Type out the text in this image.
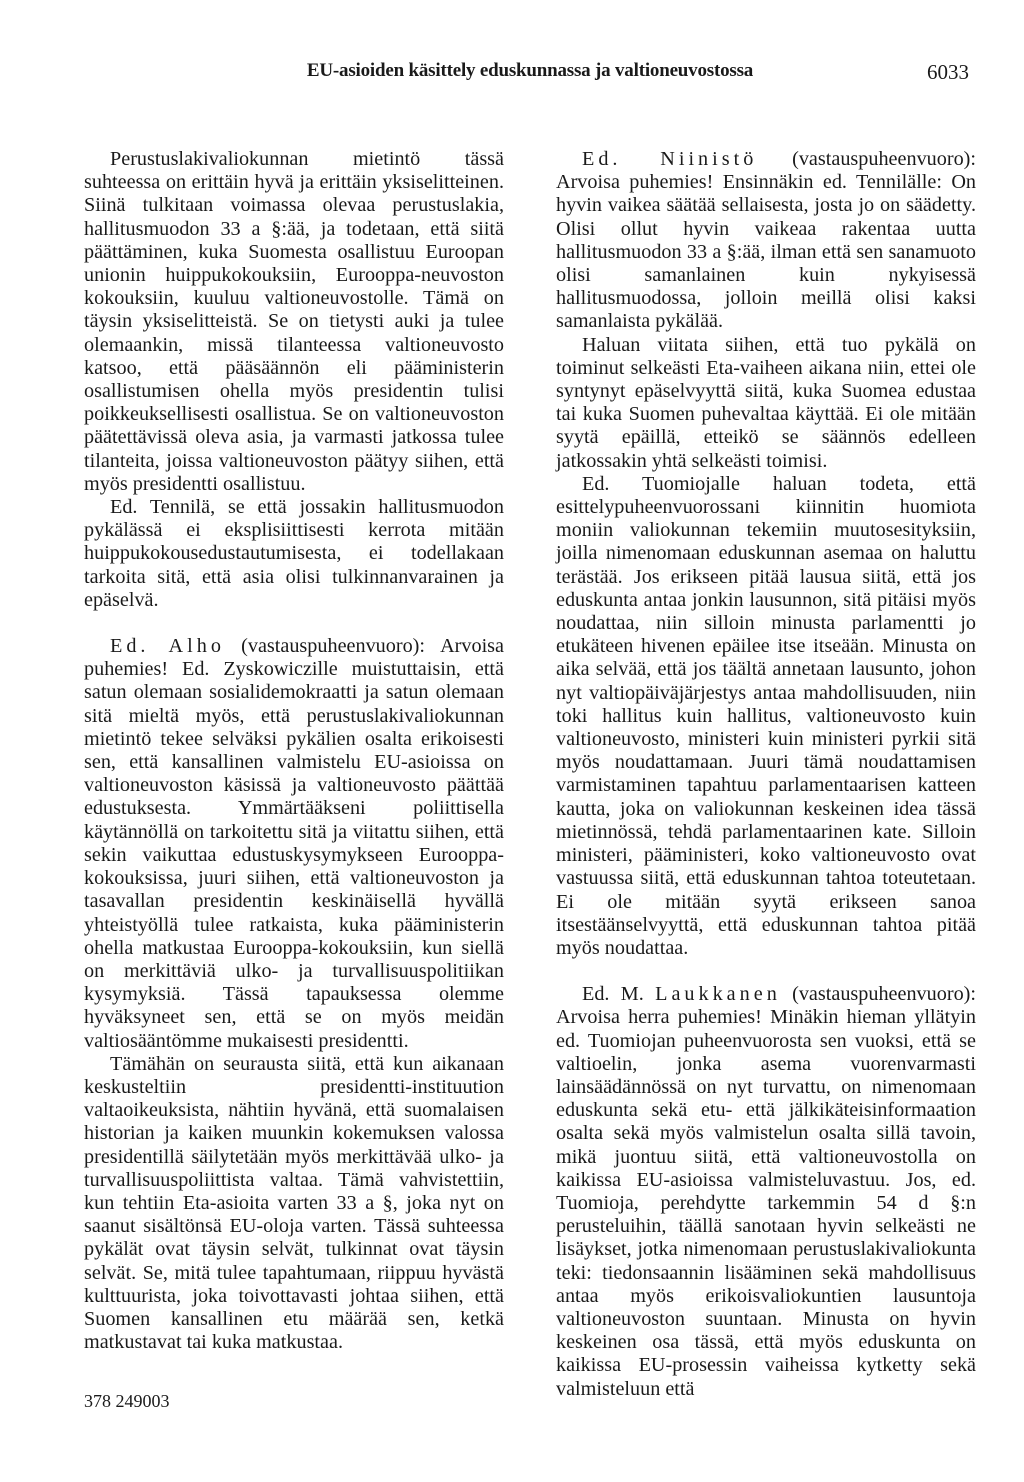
EU-asioiden käsittely eduskunnassa ja valtioneuvostossa	6033

Perustuslakivaliokunnan mietintö tässä suhteessa on erittäin hyvä ja erittäin yksiselitteinen. Siinä tulkitaan voimassa olevaa perustuslakia, hallitusmuodon 33 a §:ää, ja todetaan, että siitä päättäminen, kuka Suomesta osallistuu Euroopan unionin huippukokouksiin, Eurooppa-neuvoston kokouksiin, kuuluu valtioneuvostolle. Tämä on täysin yksiselitteistä. Se on tietysti auki ja tulee olemaankin, missä tilanteessa valtioneuvosto katsoo, että pääsäännön eli pääministerin osallistumisen ohella myös presidentin tulisi poikkeuksellisesti osallistua. Se on valtioneuvoston päätettävissä oleva asia, ja varmasti jatkossa tulee tilanteita, joissa valtioneuvoston päätyy siihen, että myös presidentti osallistuu.

Ed. Tennilä, se että jossakin hallitusmuodon pykälässä ei eksplisiittisesti kerrota mitään huippukokousedustautumisesta, ei todellakaan tarkoita sitä, että asia olisi tulkinnanvarainen ja epäselvä.

Ed. Alho (vastauspuheenvuoro): Arvoisa puhemies! Ed. Zyskowiczille muistuttaisin, että satun olemaan sosialidemokraatti ja satun olemaan sitä mieltä myös, että perustuslakivaliokunnan mietintö tekee selväksi pykälien osalta erikoisesti sen, että kansallinen valmistelu EU-asioissa on valtioneuvoston käsissä ja valtioneuvosto päättää edustuksesta. Ymmärtääkseni poliittisella käytännöllä on tarkoitettu sitä ja viitattu siihen, että sekin vaikuttaa edustuskysymykseen Eurooppa-kokouksissa, juuri siihen, että valtioneuvoston ja tasavallan presidentin keskinäisellä hyvällä yhteistyöllä tulee ratkaista, kuka pääministerin ohella matkustaa Eurooppa-kokouksiin, kun siellä on merkittäviä ulko- ja turvallisuuspolitiikan kysymyksiä. Tässä tapauksessa olemme hyväksyneet sen, että se on myös meidän valtiosääntömme mukaisesti presidentti.

Tämähän on seurausta siitä, että kun aikanaan keskusteltiin presidentti-instituution valtaoikeuksista, nähtiin hyvänä, että suomalaisen historian ja kaiken muunkin kokemuksen valossa presidentillä säilytetään myös merkittävää ulko- ja turvallisuuspoliittista valtaa. Tämä vahvistettiin, kun tehtiin Eta-asioita varten 33 a §, joka nyt on saanut sisältönsä EU-oloja varten. Tässä suhteessa pykälät ovat täysin selvät, tulkinnat ovat täysin selvät. Se, mitä tulee tapahtumaan, riippuu hyvästä kulttuurista, joka toivottavasti johtaa siihen, että Suomen kansallinen etu määrää sen, ketkä matkustavat tai kuka matkustaa.

Ed. Niinistö (vastauspuheenvuoro): Arvoisa puhemies! Ensinnäkin ed. Tennilälle: On hyvin vaikea säätää sellaisesta, josta jo on säädetty. Olisi ollut hyvin vaikeaa rakentaa uutta hallitusmuodon 33 a §:ää, ilman että sen sanamuoto olisi samanlainen kuin nykyisessä hallitusmuodossa, jolloin meillä olisi kaksi samanlaista pykälää.

Haluan viitata siihen, että tuo pykälä on toiminut selkeästi Eta-vaiheen aikana niin, ettei ole syntynyt epäselvyyttä siitä, kuka Suomea edustaa tai kuka Suomen puhevaltaa käyttää. Ei ole mitään syytä epäillä, etteikö se säännös edelleen jatkossakin yhtä selkeästi toimisi.

Ed. Tuomiojalle haluan todeta, että esittelypuheenvuorossani kiinnitin huomiota moniin valiokunnan tekemiin muutosesityksiin, joilla nimenomaan eduskunnan asemaa on haluttu terästää. Jos erikseen pitää lausua siitä, että jos eduskunta antaa jonkin lausunnon, sitä pitäisi myös noudattaa, niin silloin minusta parlamentti jo etukäteen hivenen epäilee itse itseään. Minusta on aika selvää, että jos täältä annetaan lausunto, johon nyt valtiopäiväjärjestys antaa mahdollisuuden, niin toki hallitus kuin hallitus, valtioneuvosto kuin valtioneuvosto, ministeri kuin ministeri pyrkii sitä myös noudattamaan. Juuri tämä noudattamisen varmistaminen tapahtuu parlamentaarisen katteen kautta, joka on valiokunnan keskeinen idea tässä mietinnössä, tehdä parlamentaarinen kate. Silloin ministeri, pääministeri, koko valtioneuvosto ovat vastuussa siitä, että eduskunnan tahtoa toteutetaan. Ei ole mitään syytä erikseen sanoa itsestäänselvyyttä, että eduskunnan tahtoa pitää myös noudattaa.

Ed. M. Laukkanen (vastauspuheenvuoro): Arvoisa herra puhemies! Minäkin hieman yllätyin ed. Tuomiojan puheenvuorosta sen vuoksi, että se valtioelin, jonka asema vuorenvarmasti lainsäädännössä on nyt turvattu, on nimenomaan eduskunta sekä etu- että jälkikäteisinformaation osalta sekä myös valmistelun osalta sillä tavoin, mikä juontuu siitä, että valtioneuvostolla on kaikissa EU-asioissa valmisteluvastuu. Jos, ed. Tuomioja, perehdytte tarkemmin 54 d §:n perusteluihin, täällä sanotaan hyvin selkeästi ne lisäykset, jotka nimenomaan perustuslakivaliokunta teki: tiedonsaannin lisääminen sekä mahdollisuus antaa myös erikoisvaliokuntien lausuntoja valtioneuvoston suuntaan. Minusta on hyvin keskeinen osa tässä, että myös eduskunta on kaikissa EU-prosessin vaiheissa kytketty sekä valmisteluun että

378 249003
